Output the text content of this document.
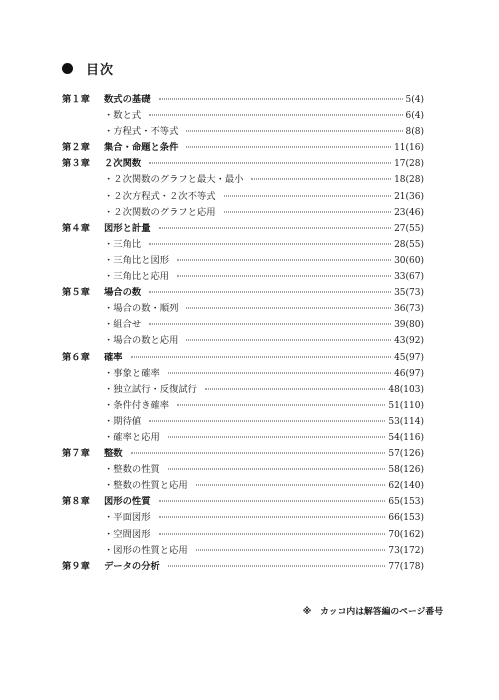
目次
第１章	数式の基礎	5(4)
・数と式	6(4)
・方程式・不等式	8(8)
第２章	集合・命題と条件	11(16)
第３章	２次関数	17(28)
・２次関数のグラフと最大・最小	18(28)
・２次方程式・２次不等式	21(36)
・２次関数のグラフと応用	23(46)
第４章	図形と計量	27(55)
・三角比	28(55)
・三角比と図形	30(60)
・三角比と応用	33(67)
第５章	場合の数	35(73)
・場合の数・順列	36(73)
・組合せ	39(80)
・場合の数と応用	43(92)
第６章	確率	45(97)
・事象と確率	46(97)
・独立試行・反復試行	48(103)
・条件付き確率	51(110)
・期待値	53(114)
・確率と応用	54(116)
第７章	整数	57(126)
・整数の性質	58(126)
・整数の性質と応用	62(140)
第８章	図形の性質	65(153)
・平面図形	66(153)
・空間図形	70(162)
・図形の性質と応用	73(172)
第９章	データの分析	77(178)
※　カッコ内は解答編のページ番号
